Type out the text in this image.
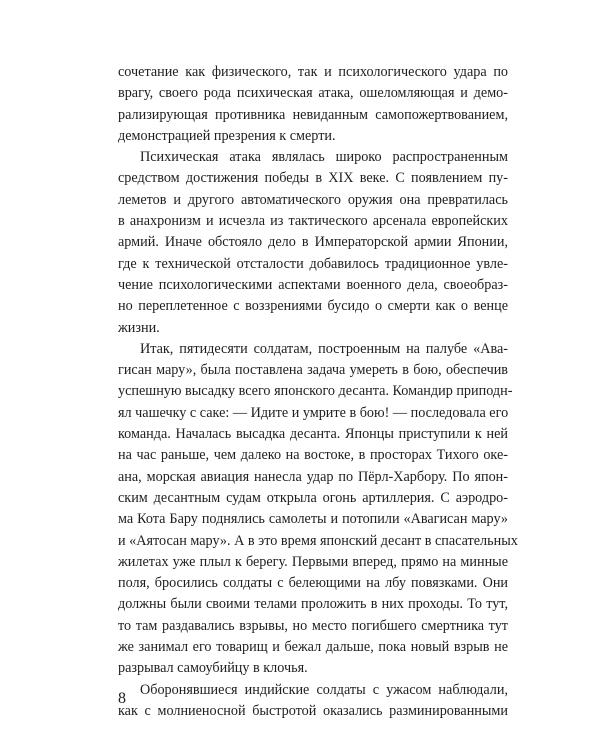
сочетание как физического, так и психологического удара по
врагу, своего рода психическая атака, ошеломляющая и демо-
рализирующая противника невиданным самопожертвованием,
демонстрацией презрения к смерти.
Психическая атака являлась широко распространенным
средством достижения победы в XIX веке. С появлением пу-
леметов и другого автоматического оружия она превратилась
в анахронизм и исчезла из тактического арсенала европейских
армий. Иначе обстояло дело в Императорской армии Японии,
где к технической отсталости добавилось традиционное увле-
чение психологическими аспектами военного дела, своеобраз-
но переплетенное с воззрениями бусидо о смерти как о венце
жизни.
Итак, пятидесяти солдатам, построенным на палубе «Ава-
гисан мару», была поставлена задача умереть в бою, обеспечив
успешную высадку всего японского десанта. Командир приподн-
ял чашечку с саке: — Идите и умрите в бою! — последовала его
команда. Началась высадка десанта. Японцы приступили к ней
на час раньше, чем далеко на востоке, в просторах Тихого оке-
ана, морская авиация нанесла удар по Пёрл-Харбору. По япон-
ским десантным судам открыла огонь артиллерия. С аэродро-
ма Кота Бару поднялись самолеты и потопили «Авагисан мару»
и «Аятосан мару». А в это время японский десант в спасательных
жилетах уже плыл к берегу. Первыми вперед, прямо на минные
поля, бросились солдаты с белеющими на лбу повязками. Они
должны были своими телами проложить в них проходы. То тут,
то там раздавались взрывы, но место погибшего смертника тут
же занимал его товарищ и бежал дальше, пока новый взрыв не
разрывал самоубийцу в клочья.
Оборонявшиеся индийские солдаты с ужасом наблюдали,
как с молниеносной быстротой оказались разминированными
8
